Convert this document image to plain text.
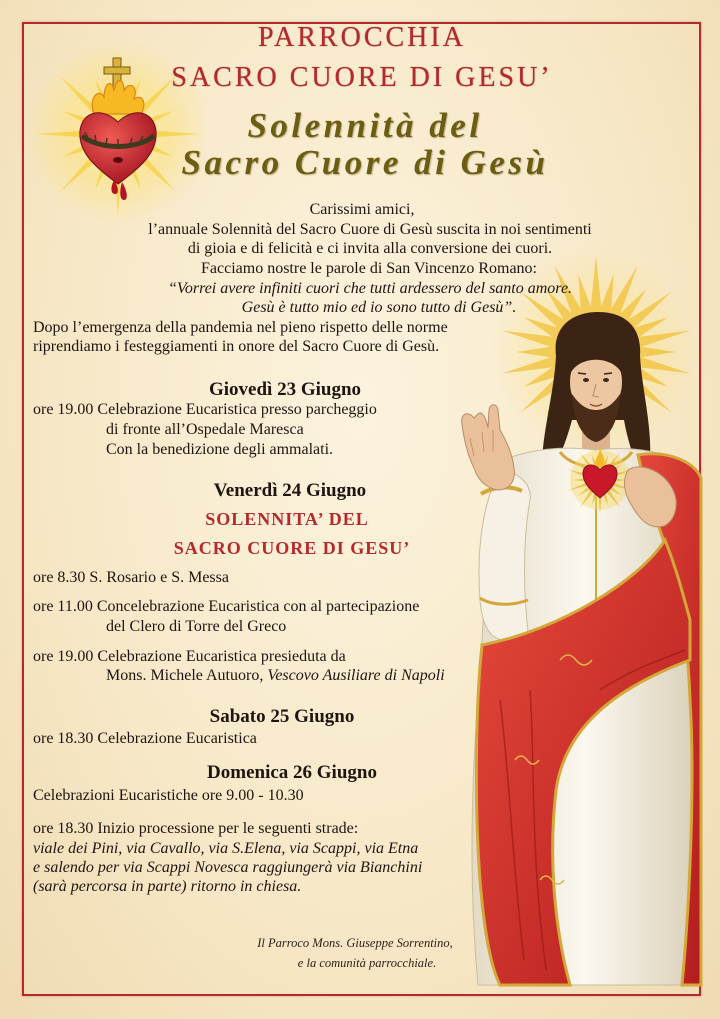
PARROCCHIA
SACRO CUORE DI GESU’
Solennità del
Sacro Cuore di Gesù
Carissimi amici,
l’annuale Solennità del Sacro Cuore di Gesù suscita in noi sentimenti
di gioia e di felicità e ci invita alla conversione dei cuori.
Facciamo nostre le parole di San Vincenzo Romano:
“Vorrei avere infiniti cuori che tutti ardessero del santo amore.
Gesù è tutto mio ed io sono tutto di Gesù”.
Dopo l’emergenza della pandemia nel pieno rispetto delle norme
riprendiamo i festeggiamenti in onore del Sacro Cuore di Gesù.
Giovedì 23 Giugno
ore 19.00 Celebrazione Eucaristica presso parcheggio
di fronte all’Ospedale Maresca
Con la benedizione degli ammalati.
Venerdì 24 Giugno
SOLENNITA’ DEL
SACRO CUORE DI GESU’
ore 8.30 S. Rosario e S. Messa
ore 11.00 Concelebrazione Eucaristica con al partecipazione
del Clero di Torre del Greco
ore 19.00 Celebrazione Eucaristica presieduta da
Mons. Michele Autuoro, Vescovo Ausiliare di Napoli
Sabato 25 Giugno
ore 18.30 Celebrazione Eucaristica
Domenica 26 Giugno
Celebrazioni Eucaristiche ore 9.00 - 10.30
ore 18.30 Inizio processione per le seguenti strade:
viale dei Pini, via Cavallo, via S.Elena, via Scappi, via Etna
e salendo per via Scappi Novesca raggiungerà via Bianchini
(sarà percorsa in parte) ritorno in chiesa.
Il Parroco Mons. Giuseppe Sorrentino,
e la comunità parrocchiale.
